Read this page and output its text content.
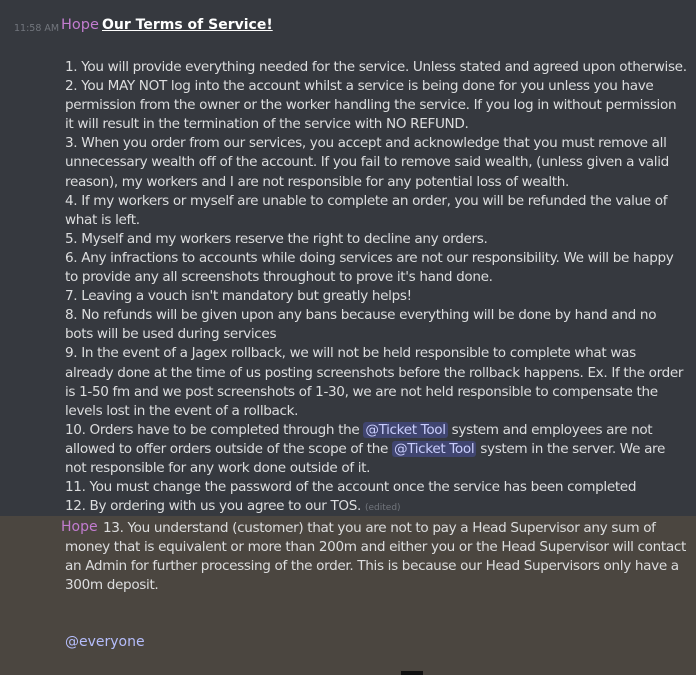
11:58 AM Hope Our Terms of Service!

1. You will provide everything needed for the service. Unless stated and agreed upon otherwise.

2. You MAY NOT log into the account whilst a service is being done for you unless you have permission from the owner or the worker handling the service. If you log in without permission it will result in the termination of the service with NO REFUND.

3. When you order from our services, you accept and acknowledge that you must remove all unnecessary wealth off of the account. If you fail to remove said wealth, (unless given a valid reason), my workers and I are not responsible for any potential loss of wealth.

4. If my workers or myself are unable to complete an order, you will be refunded the value of what is left.

5. Myself and my workers reserve the right to decline any orders.

6. Any infractions to accounts while doing services are not our responsibility. We will be happy to provide any all screenshots throughout to prove it's hand done.

7. Leaving a vouch isn't mandatory but greatly helps!

8. No refunds will be given upon any bans because everything will be done by hand and no bots will be used during services

9. In the event of a Jagex rollback, we will not be held responsible to complete what was already done at the time of us posting screenshots before the rollback happens. Ex. If the order is 1-50 fm and we post screenshots of 1-30, we are not held responsible to compensate the levels lost in the event of a rollback.

10. Orders have to be completed through the @Ticket Tool system and employees are not allowed to offer orders outside of the scope of the @Ticket Tool system in the server. We are not responsible for any work done outside of it.

11. You must change the password of the account once the service has been completed

12. By ordering with us you agree to our TOS. (edited)

Hope 13. You understand (customer) that you are not to pay a Head Supervisor any sum of money that is equivalent or more than 200m and either you or the Head Supervisor will contact an Admin for further processing of the order. This is because our Head Supervisors only have a 300m deposit.
@everyone
